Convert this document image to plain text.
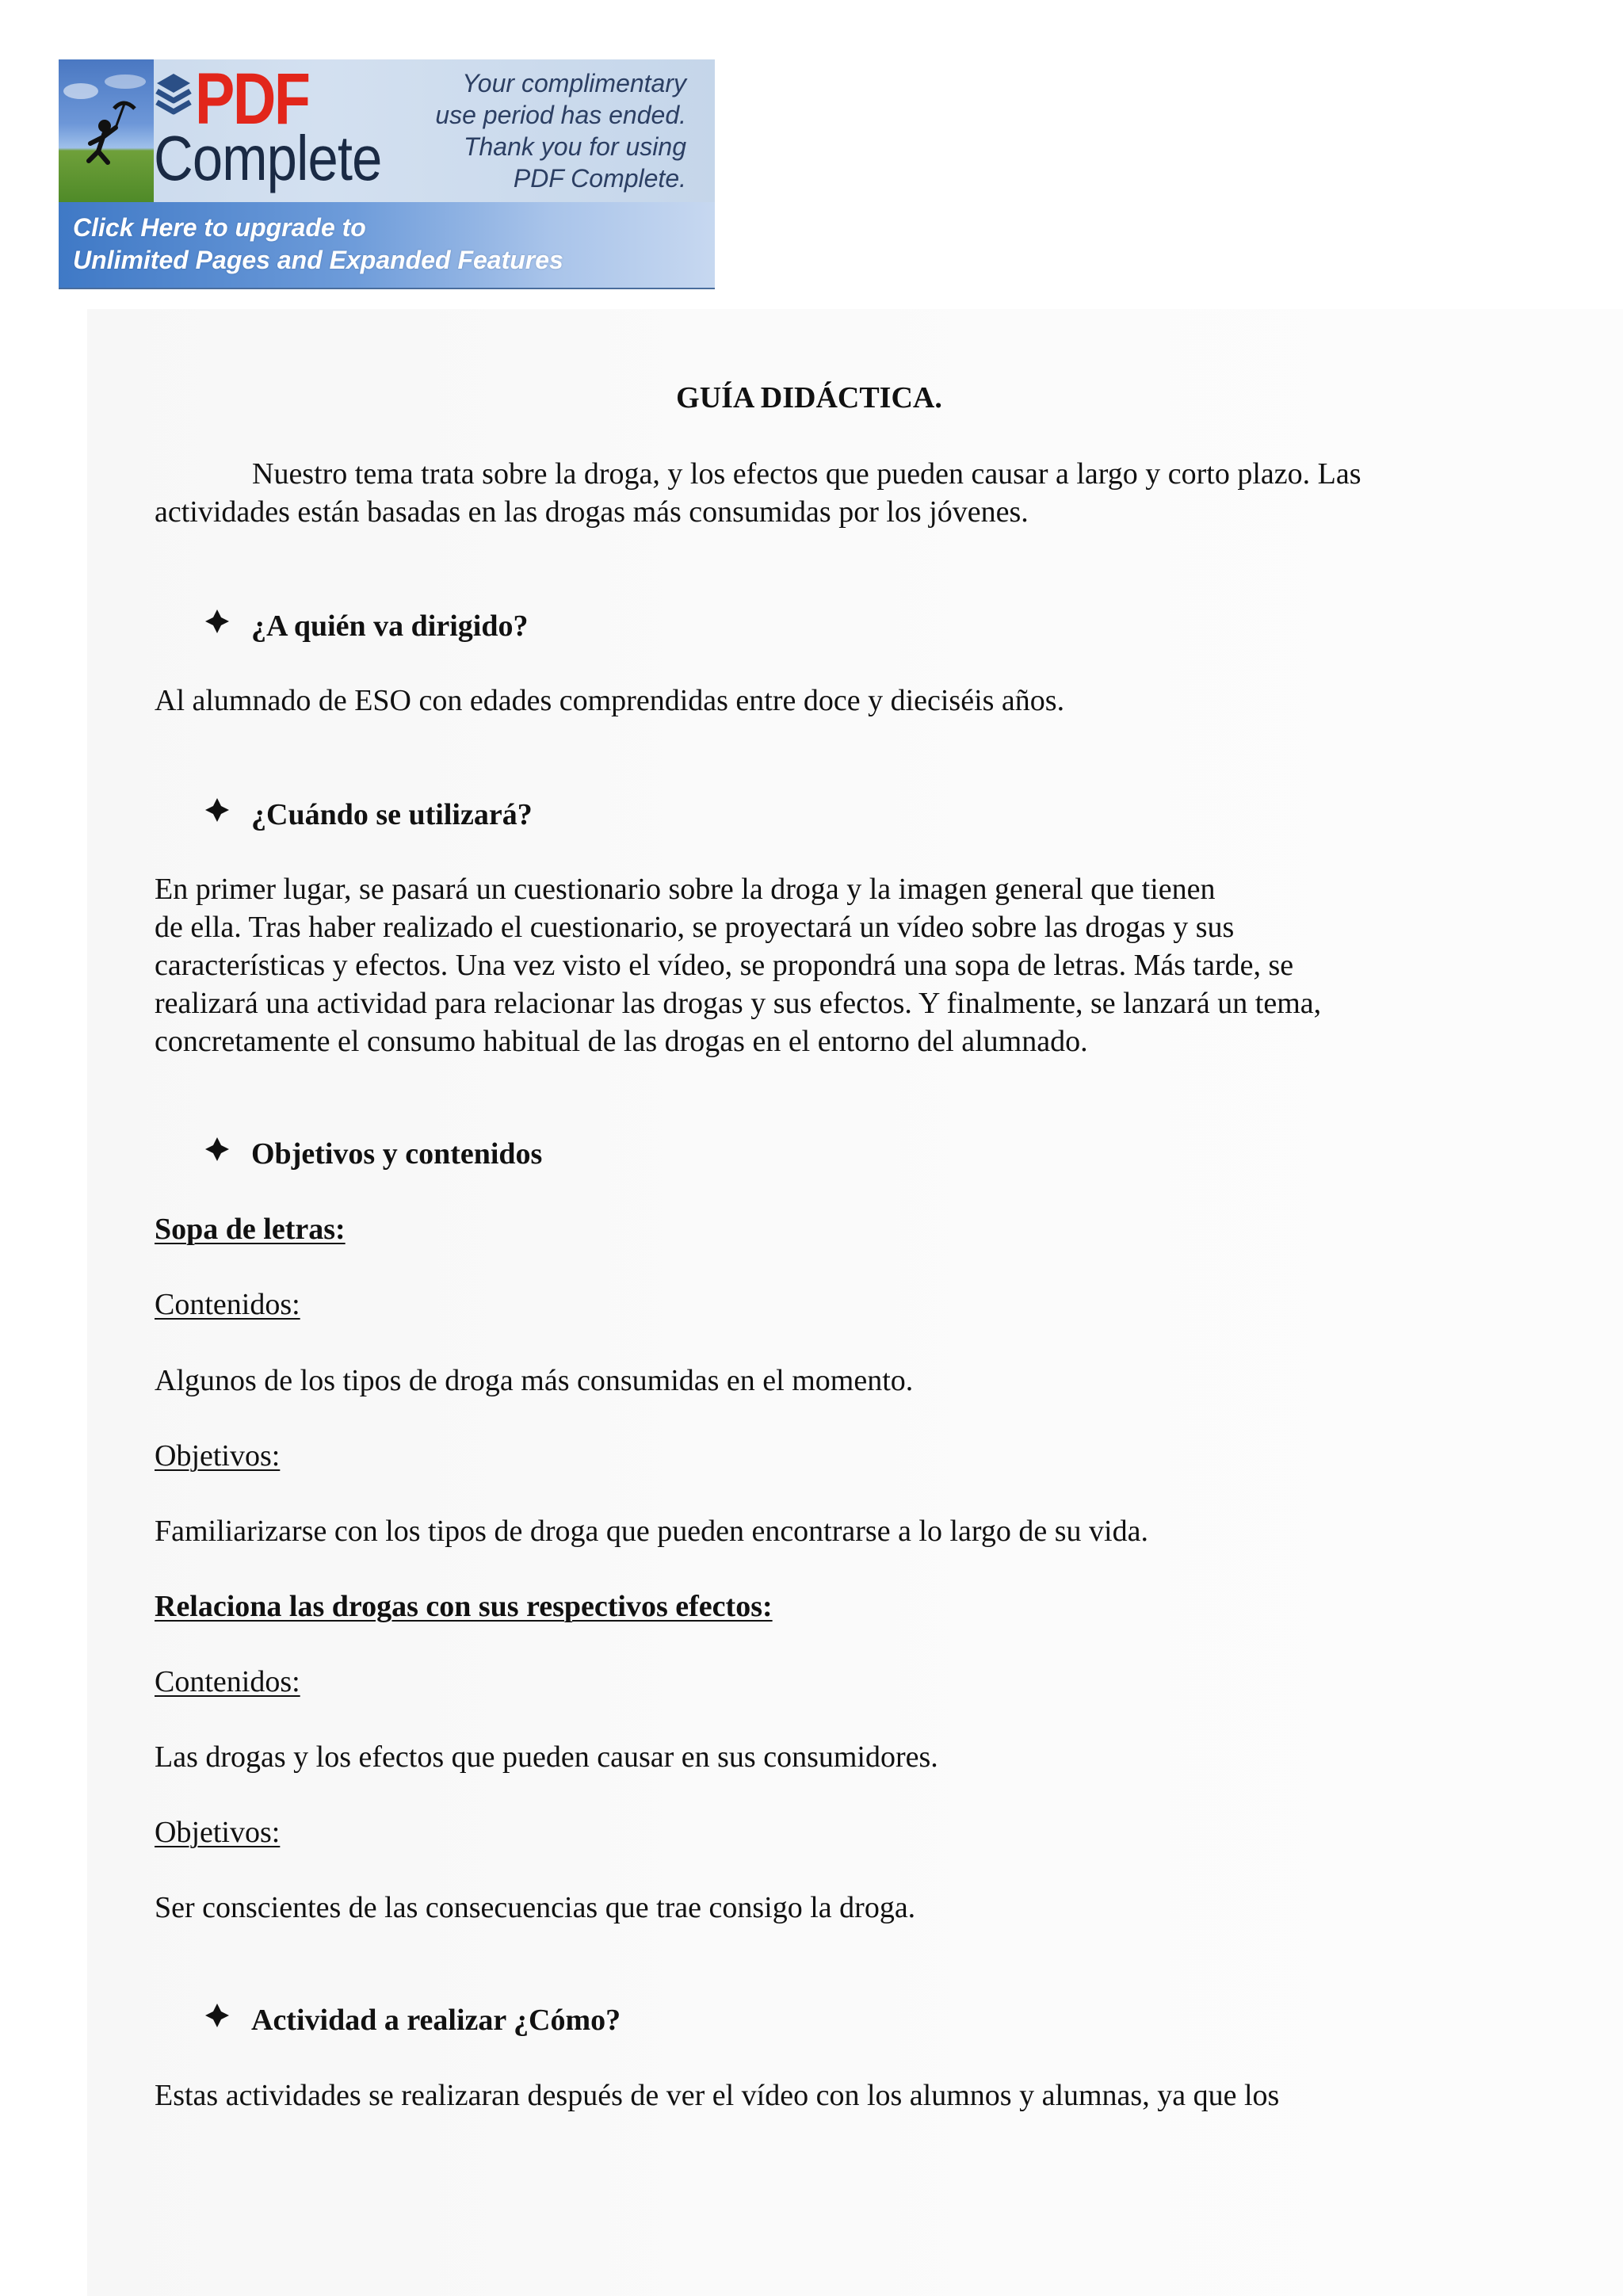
PDF
Complete
Your complimentary
use period has ended.
Thank you for using
PDF Complete.
Click Here to upgrade to
Unlimited Pages and Expanded Features

GUÍA DIDÁCTICA.

Nuestro tema trata sobre la droga, y los efectos que pueden causar a largo y corto plazo. Las
actividades están basadas en las drogas más consumidas por los jóvenes.

¿A quién va dirigido?

Al alumnado de ESO con edades comprendidas entre doce y dieciséis años.

¿Cuándo se utilizará?

En primer lugar, se pasará un cuestionario sobre la droga y la imagen general que tienen
de ella. Tras haber realizado el cuestionario, se proyectará un vídeo sobre las drogas y sus
características y efectos. Una vez visto el vídeo, se propondrá una sopa de letras. Más tarde, se
realizará una actividad para relacionar las drogas y sus efectos. Y finalmente, se lanzará un tema,
concretamente el consumo habitual de las drogas en el entorno del alumnado.

Objetivos y contenidos

Sopa de letras:

Contenidos:

Algunos de los tipos de droga más consumidas en el momento.

Objetivos:

Familiarizarse con los tipos de droga que pueden encontrarse a lo largo de su vida.

Relaciona las drogas con sus respectivos efectos:

Contenidos:

Las drogas y los efectos que pueden causar en sus consumidores.

Objetivos:

Ser conscientes de las consecuencias que trae consigo la droga.

Actividad a realizar ¿Cómo?

Estas actividades se realizaran después de ver el vídeo con los alumnos y alumnas, ya que los
